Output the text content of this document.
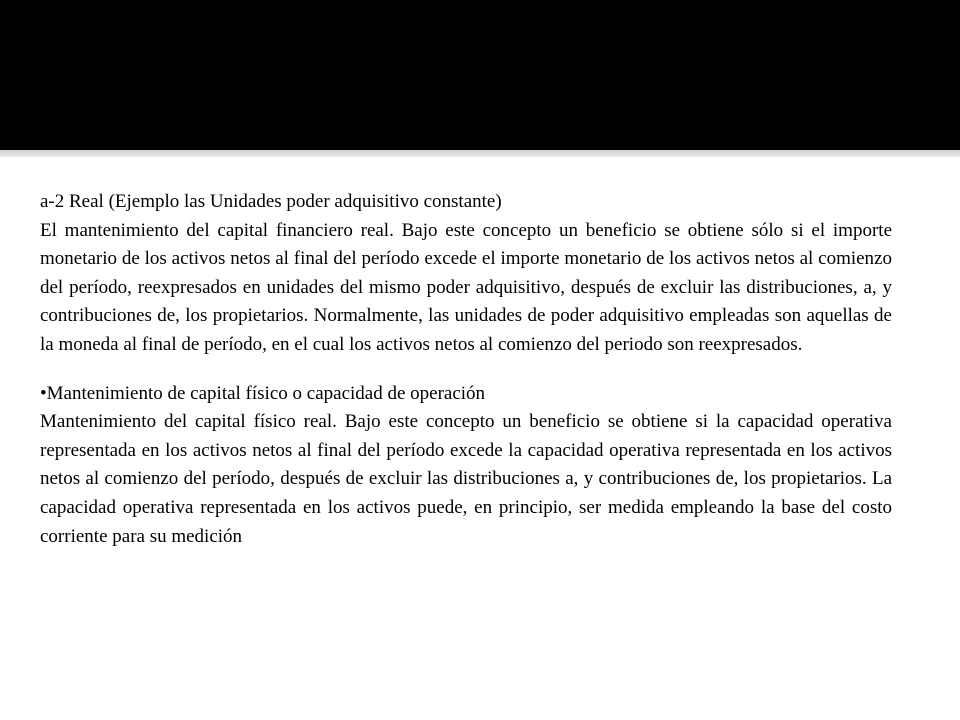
a-2 Real (Ejemplo las Unidades poder adquisitivo constante)

El mantenimiento del capital financiero real. Bajo este concepto un beneficio se obtiene sólo si el importe monetario de los activos netos al final del período excede el importe monetario de los activos netos al comienzo del período, reexpresados en unidades del mismo poder adquisitivo, después de excluir las distribuciones, a, y contribuciones de, los propietarios. Normalmente, las unidades de poder adquisitivo empleadas son aquellas de la moneda al final de período, en el cual los activos netos al comienzo del periodo son reexpresados.

•Mantenimiento de capital físico o capacidad de operación

Mantenimiento del capital físico real. Bajo este concepto un beneficio se obtiene si la capacidad operativa representada en los activos netos al final del período excede la capacidad operativa representada en los activos netos al comienzo del período, después de excluir las distribuciones a, y contribuciones de, los propietarios. La capacidad operativa representada en los activos puede, en principio, ser medida empleando la base del costo corriente para su medición
